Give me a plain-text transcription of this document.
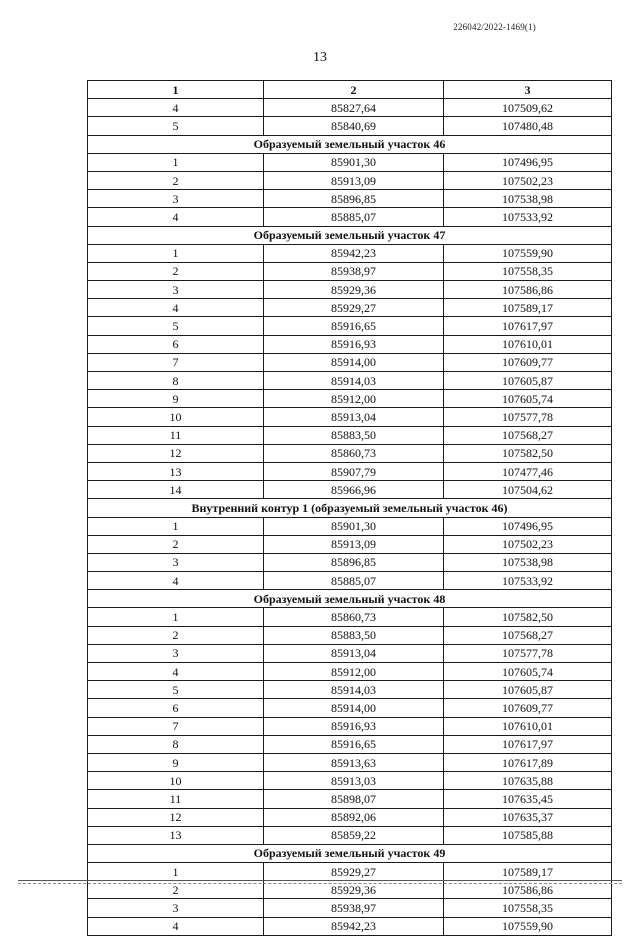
226042/2022-1469(1)
13
1	2	3
4	85827,64	107509,62
5	85840,69	107480,48
Образуемый земельный участок 46		
1	85901,30	107496,95
2	85913,09	107502,23
3	85896,85	107538,98
4	85885,07	107533,92
Образуемый земельный участок 47		
1	85942,23	107559,90
2	85938,97	107558,35
3	85929,36	107586,86
4	85929,27	107589,17
5	85916,65	107617,97
6	85916,93	107610,01
7	85914,00	107609,77
8	85914,03	107605,87
9	85912,00	107605,74
10	85913,04	107577,78
11	85883,50	107568,27
12	85860,73	107582,50
13	85907,79	107477,46
14	85966,96	107504,62
Внутренний контур 1 (образуемый земельный участок 46)		
1	85901,30	107496,95
2	85913,09	107502,23
3	85896,85	107538,98
4	85885,07	107533,92
Образуемый земельный участок 48		
1	85860,73	107582,50
2	85883,50	107568,27
3	85913,04	107577,78
4	85912,00	107605,74
5	85914,03	107605,87
6	85914,00	107609,77
7	85916,93	107610,01
8	85916,65	107617,97
9	85913,63	107617,89
10	85913,03	107635,88
11	85898,07	107635,45
12	85892,06	107635,37
13	85859,22	107585,88
Образуемый земельный участок 49		
1	85929,27	107589,17
2	85929,36	107586,86
3	85938,97	107558,35
4	85942,23	107559,90
